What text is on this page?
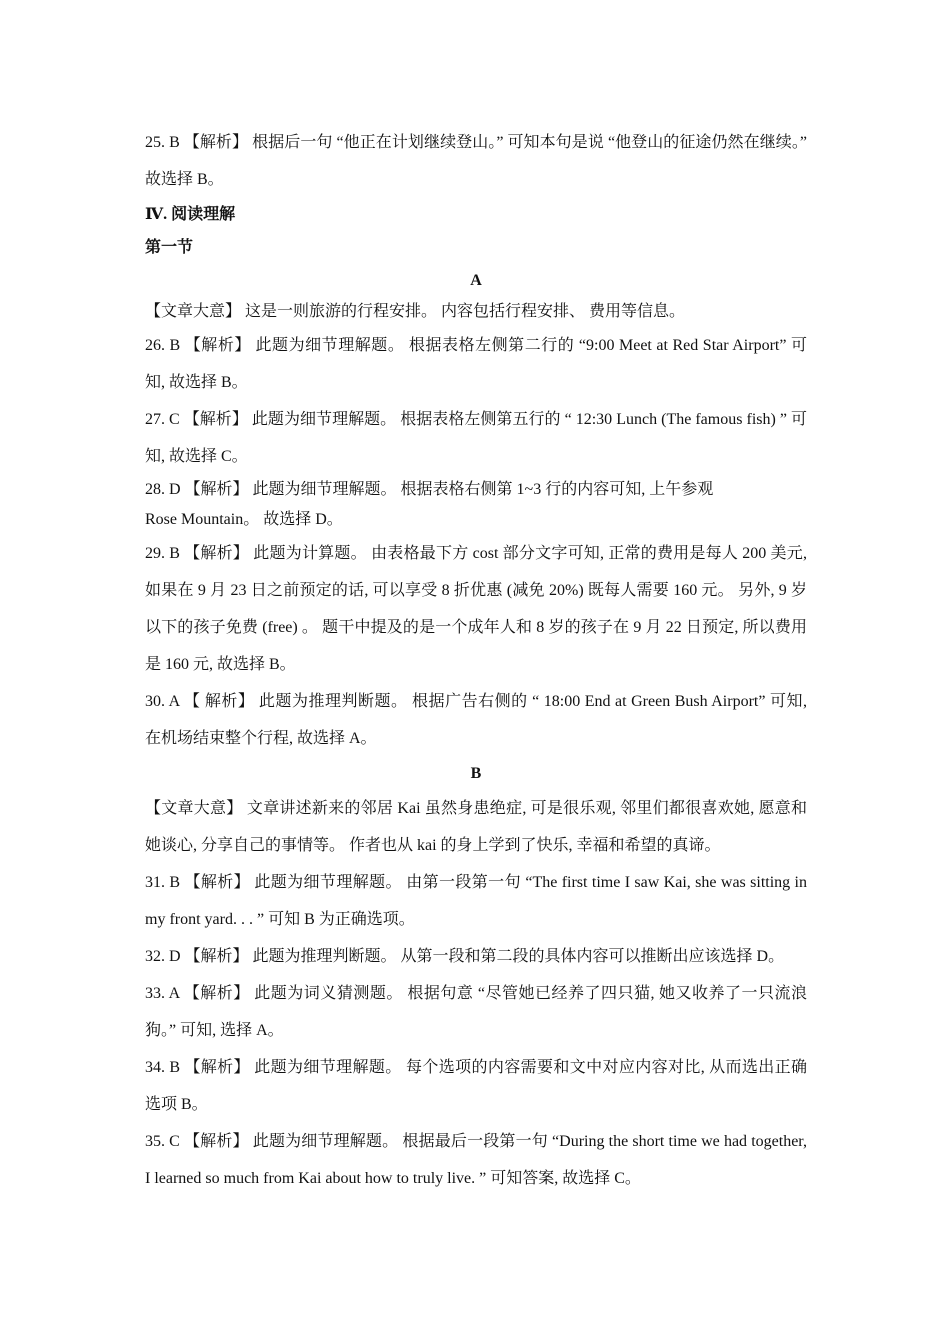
25. B 【解析】 根据后一句 “他正在计划继续登山。” 可知本句是说 “他登山的征途仍然在继续。” 故选择 B。

Ⅳ. 阅读理解

第一节

A

【文章大意】 这是一则旅游的行程安排。 内容包括行程安排、 费用等信息。

26. B 【解析】 此题为细节理解题。 根据表格左侧第二行的 “9:00 Meet at Red Star Airport” 可知, 故选择 B。

27. C 【解析】 此题为细节理解题。 根据表格左侧第五行的 “ 12:30 Lunch (The famous fish) ” 可知, 故选择 C。

28. D 【解析】 此题为细节理解题。 根据表格右侧第 1~3 行的内容可知, 上午参观

Rose Mountain。 故选择 D。

29. B 【解析】 此题为计算题。 由表格最下方 cost 部分文字可知, 正常的费用是每人 200 美元, 如果在 9 月 23 日之前预定的话, 可以享受 8 折优惠 (减免 20%) 既每人需要 160 元。 另外, 9 岁以下的孩子免费 (free) 。 题干中提及的是一个成年人和 8 岁的孩子在 9 月 22 日预定, 所以费用是 160 元, 故选择 B。

30. A 【 解析】 此题为推理判断题。 根据广告右侧的 “ 18:00 End at Green Bush Airport” 可知, 在机场结束整个行程, 故选择 A。

B

【文章大意】 文章讲述新来的邻居 Kai 虽然身患绝症, 可是很乐观, 邻里们都很喜欢她, 愿意和她谈心, 分享自己的事情等。 作者也从 kai 的身上学到了快乐, 幸福和希望的真谛。

31. B 【解析】 此题为细节理解题。 由第一段第一句 “The first time I saw Kai, she was sitting in my front yard. . . ” 可知 B 为正确选项。

32. D 【解析】 此题为推理判断题。 从第一段和第二段的具体内容可以推断出应该选择 D。

33. A 【解析】 此题为词义猜测题。 根据句意 “尽管她已经养了四只猫, 她又收养了一只流浪狗。” 可知, 选择 A。

34. B 【解析】 此题为细节理解题。 每个选项的内容需要和文中对应内容对比, 从而选出正确选项 B。

35. C 【解析】 此题为细节理解题。 根据最后一段第一句 “During the short time we had together, I learned so much from Kai about how to truly live. ” 可知答案, 故选择 C。
